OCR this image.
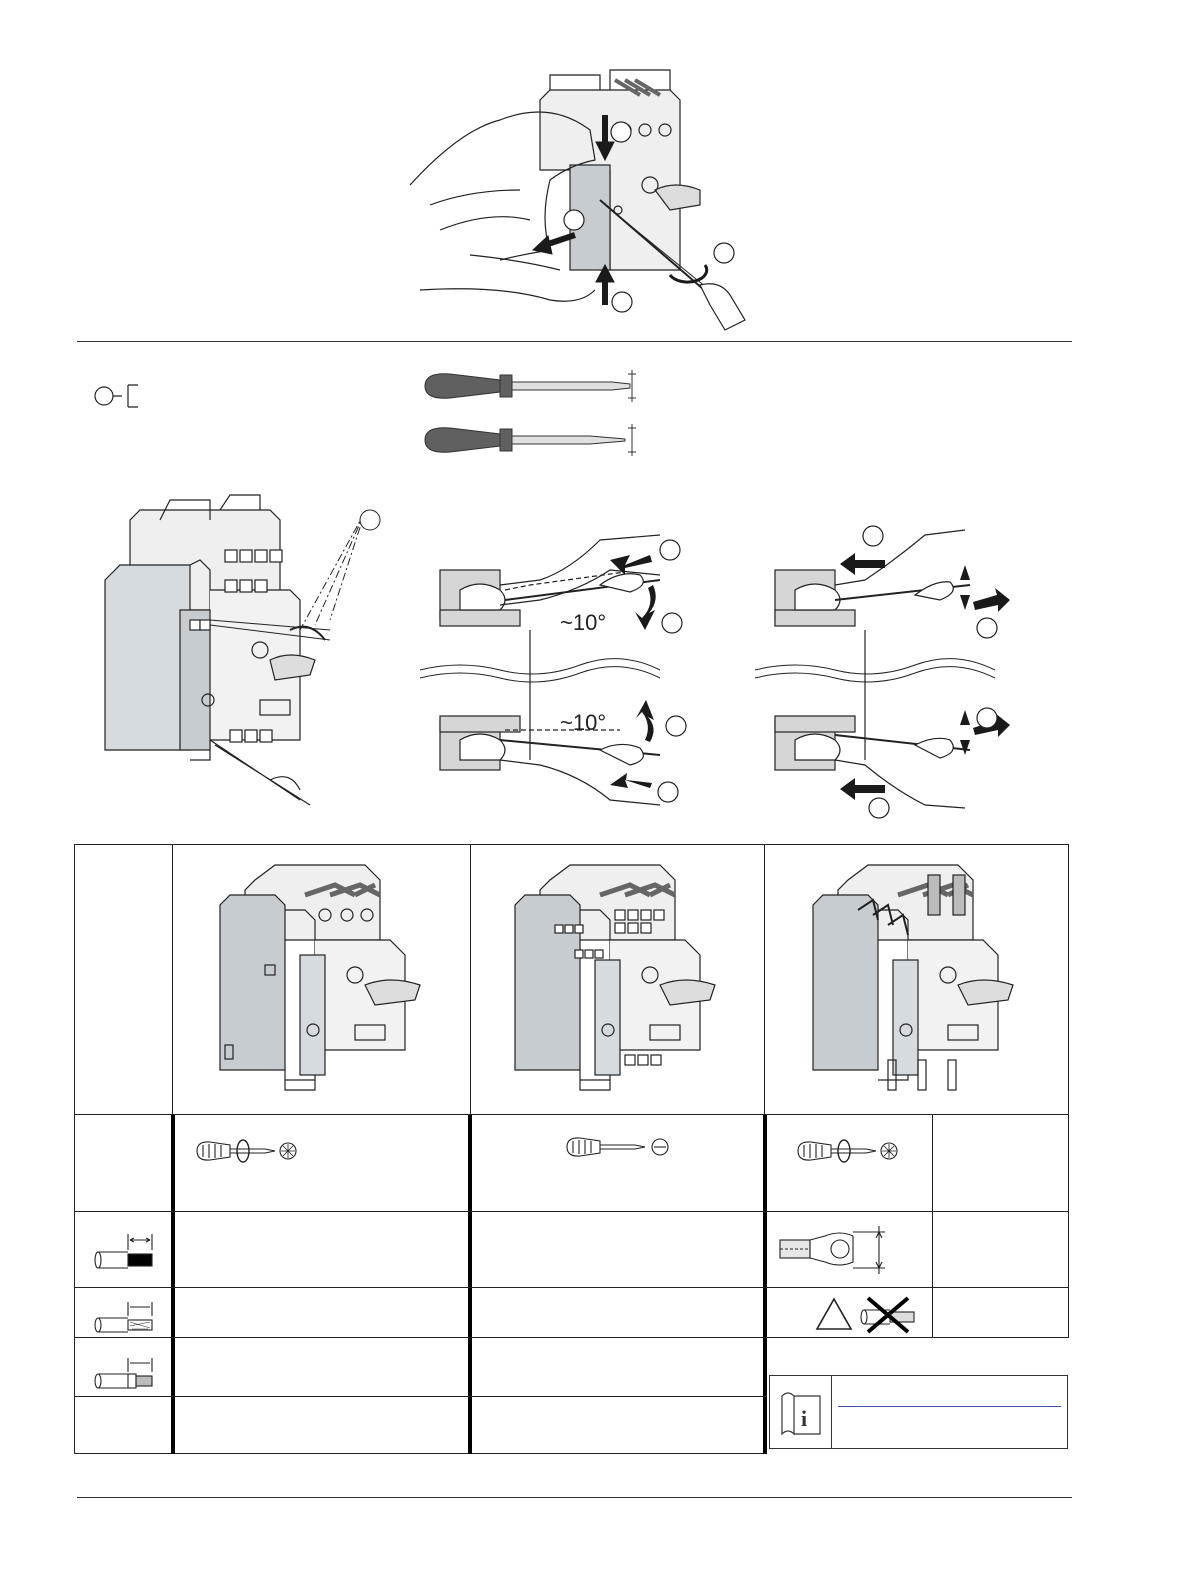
~10°
~10°
i
